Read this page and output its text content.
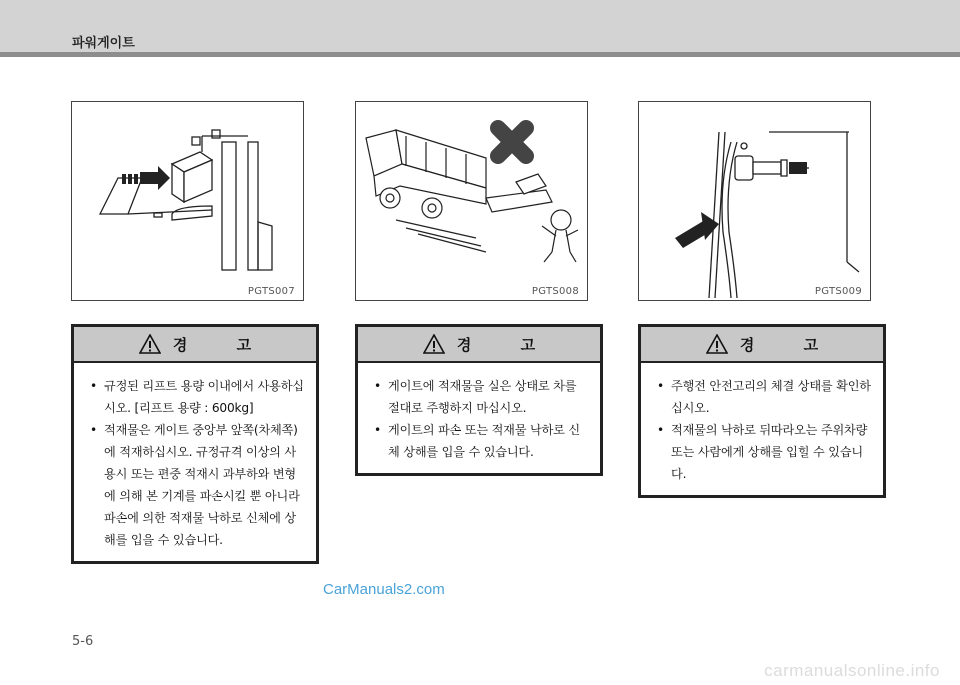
파워게이트
PGTS007	PGTS008	PGTS009
경 고
• 규정된 리프트 용량 이내에서 사용하십시오. [리프트 용량 : 600kg]
• 적재물은 게이트 중앙부 앞쪽(차체쪽)에 적재하십시오. 규정규격 이상의 사용시 또는 편중 적재시 과부하와 변형에 의해 본 기계를 파손시킬 뿐 아니라 파손에 의한 적재물 낙하로 신체에 상해를 입을 수 있습니다.
경 고
• 게이트에 적재물을 실은 상태로 차를 절대로 주행하지 마십시오.
• 게이트의 파손 또는 적재물 낙하로 신체 상해를 입을 수 있습니다.
경 고
• 주행전 안전고리의 체결 상태를 확인하십시오.
• 적재물의 낙하로 뒤따라오는 주위차량 또는 사람에게 상해를 입힐 수 있습니다.
CarManuals2.com
5-6
carmanualsonline.info
